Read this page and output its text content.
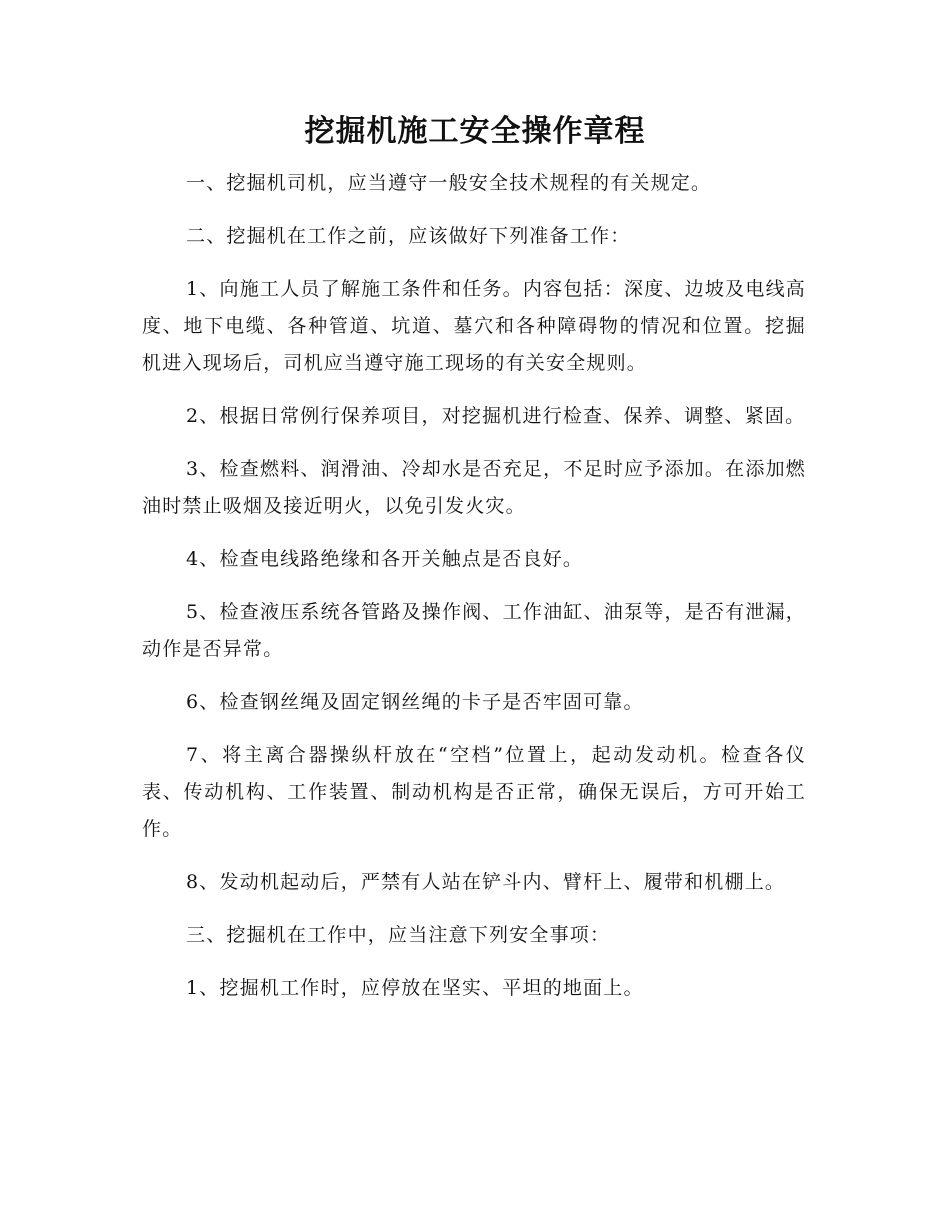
挖掘机施工安全操作章程

一、挖掘机司机，应当遵守一般安全技术规程的有关规定。

二、挖掘机在工作之前，应该做好下列准备工作：

1、向施工人员了解施工条件和任务。内容包括：深度、边坡及电线高度、地下电缆、各种管道、坑道、墓穴和各种障碍物的情况和位置。挖掘机进入现场后，司机应当遵守施工现场的有关安全规则。

2、根据日常例行保养项目，对挖掘机进行检查、保养、调整、紧固。

3、检查燃料、润滑油、冷却水是否充足，不足时应予添加。在添加燃油时禁止吸烟及接近明火，以免引发火灾。

4、检查电线路绝缘和各开关触点是否良好。

5、检查液压系统各管路及操作阀、工作油缸、油泵等，是否有泄漏，动作是否异常。

6、检查钢丝绳及固定钢丝绳的卡子是否牢固可靠。

7、将主离合器操纵杆放在“空档”位置上，起动发动机。检查各仪表、传动机构、工作装置、制动机构是否正常，确保无误后，方可开始工作。

8、发动机起动后，严禁有人站在铲斗内、臂杆上、履带和机棚上。

三、挖掘机在工作中，应当注意下列安全事项：

1、挖掘机工作时，应停放在坚实、平坦的地面上。
